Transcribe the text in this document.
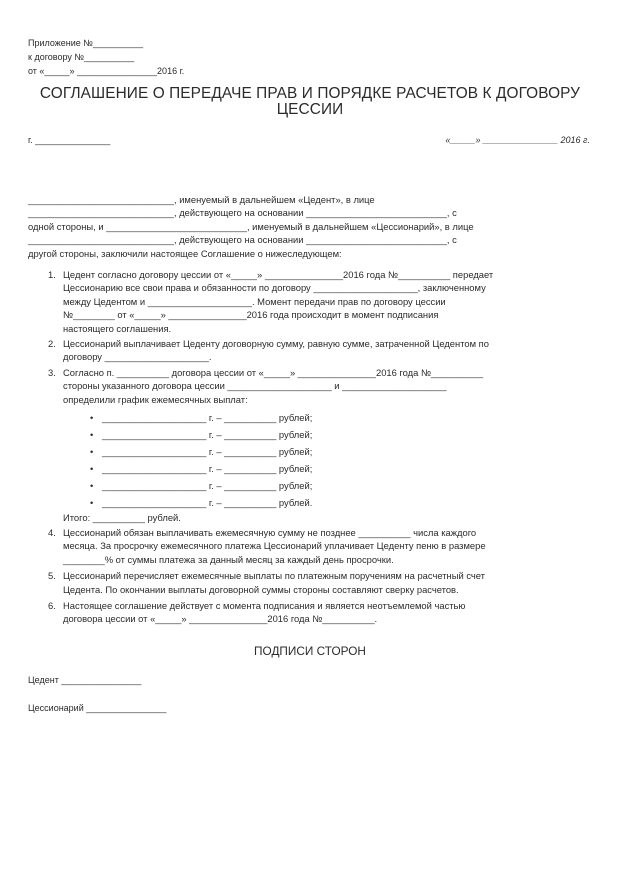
Приложение №__________
к договору №__________
от «_____» ________________2016 г.
СОГЛАШЕНИЕ О ПЕРЕДАЧЕ ПРАВ И ПОРЯДКЕ РАСЧЕТОВ К ДОГОВОРУ ЦЕССИИ
г. _______________	«_____» _______________ 2016 г.
____________________________, именуемый в дальнейшем «Цедент», в лице
____________________________, действующего на основании ___________________________, с
одной стороны, и ___________________________, именуемый в дальнейшем «Цессионарий», в лице
____________________________, действующего на основании ___________________________, с
другой стороны, заключили настоящее Соглашение о нижеследующем:
1. Цедент согласно договору цессии от «_____» _______________2016 года №__________ передает
Цессионарию все свои права и обязанности по договору ____________________, заключенному
между Цедентом и ____________________. Момент передачи прав по договору цессии
№________ от «_____» _______________2016 года происходит в момент подписания
настоящего соглашения.
2. Цессионарий выплачивает Цеденту договорную сумму, равную сумме, затраченной Цедентом по
договору ____________________.
3. Согласно п. __________ договора цессии от «_____» _______________2016 года №__________
стороны указанного договора цессии ____________________ и ____________________
определили график ежемесячных выплат:
• ____________________ г. – __________ рублей;
• ____________________ г. – __________ рублей;
• ____________________ г. – __________ рублей;
• ____________________ г. – __________ рублей;
• ____________________ г. – __________ рублей;
• ____________________ г. – __________ рублей.
Итого: __________ рублей.
4. Цессионарий обязан выплачивать ежемесячную сумму не позднее __________ числа каждого
месяца. За просрочку ежемесячного платежа Цессионарий уплачивает Цеденту пеню в размере
________% от суммы платежа за данный месяц за каждый день просрочки.
5. Цессионарий перечисляет ежемесячные выплаты по платежным поручениям на расчетный счет
Цедента. По окончании выплаты договорной суммы стороны составляют сверку расчетов.
6. Настоящее соглашение действует с момента подписания и является неотъемлемой частью
договора цессии от «_____» _______________2016 года №__________.
ПОДПИСИ СТОРОН
Цедент ________________
Цессионарий ________________
